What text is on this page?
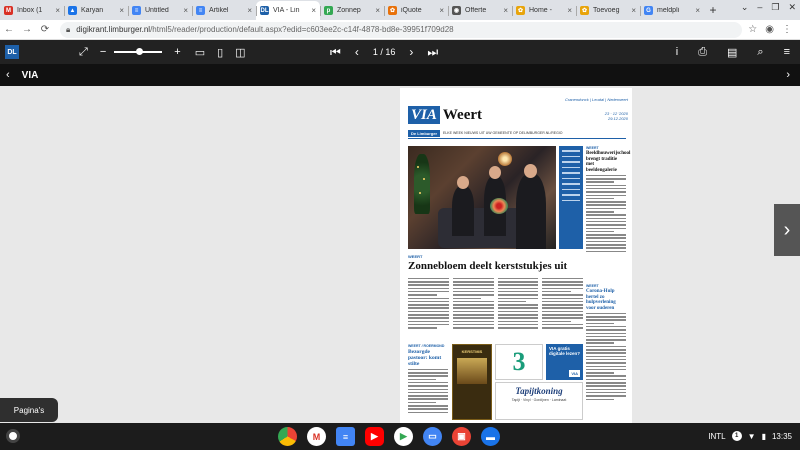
M Inbox (1	× ▲ Karyan	×	≡ Untitled	×	≡ Artikel	× DL VIA - Lin	×	p Zonnep	×	✿ iQuote	×	◉ Offerte	×	✿ Home -	×	✿ Toevoeg	×	G meldpli	× +	⌄ – ❐ ✕
← → ⟳	🔒︎ digikrant.limburger.nl /html5/reader/production/default.aspx?edid=c603ee2c-c14f-4878-bd8e-39951f709d28	☆ ◉ ⋮
DL	⤢ −	+ ▭ ▯ ◫	⏮ ‹ 1 / 16 › ⏭	i ⎙ ▤ ⌕ ≡
‹ VIA	›
Cranendonck | Leudal | Nederweert
VIA Weert	23 · 12 '2020
29.12.2020
De Limburger	ELKE WEEK NIEUWS UIT UW GEMEENTE OP DELIMBURGER.NL/REGIO
WEERT
Beeldhouwerijschool brengt traditie met beeldengalerie
WEERT
Zonnebloem deelt kerststukjes uit
WEERT
Corona-Hulp hertel zo hulpverlening voor ouderen
WEERT / ROERMOND
Bezorgde pastoor: komt stilte
KERSTMIS	3	VIA gratis digitale lezen?
VIA
Tapijtkoning
Tapijt · Vinyl · Gordijnen · Laminaat
›
Pagina's
M	≡	▶	▶	▭	▣	▬	INTL	1	▼ ▮ 13:35
